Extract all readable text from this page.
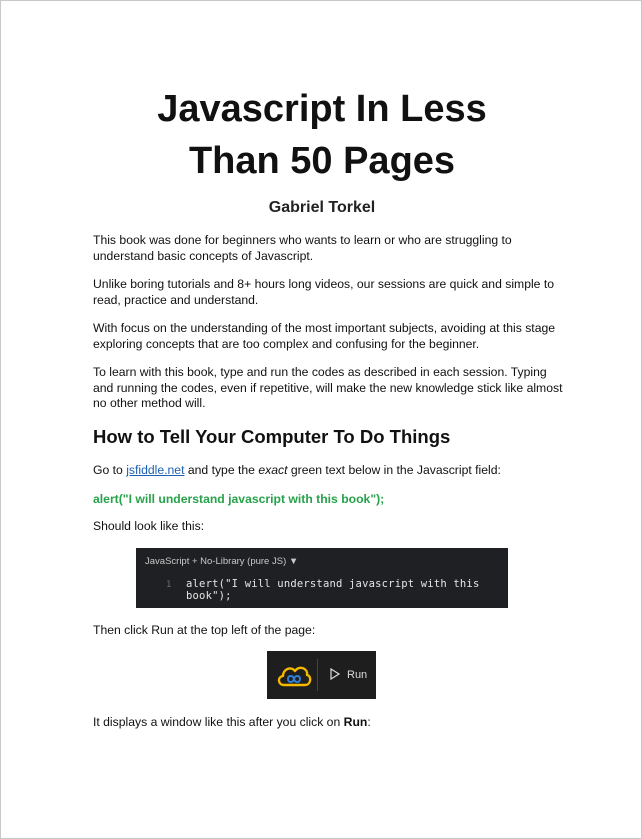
Javascript In Less
Than 50 Pages
Gabriel Torkel
This book was done for beginners who wants to learn or who are struggling to understand basic concepts of Javascript.
Unlike boring tutorials and 8+ hours long videos, our sessions are quick and simple to read, practice and understand.
With focus on the understanding of the most important subjects, avoiding at this stage exploring concepts that are too complex and confusing for the beginner.
To learn with this book, type and run the codes as described in each session. Typing and running the codes, even if repetitive, will make the new knowledge stick like almost no other method will.
How to Tell Your Computer To Do Things
Go to jsfiddle.net and type the exact green text below in the Javascript field:
alert("I will understand javascript with this book");
Should look like this:
JavaScript + No-Library (pure JS) ▼
1 alert("I will understand javascript with this book");
Then click Run at the top left of the page:
Run
It displays a window like this after you click on Run:
